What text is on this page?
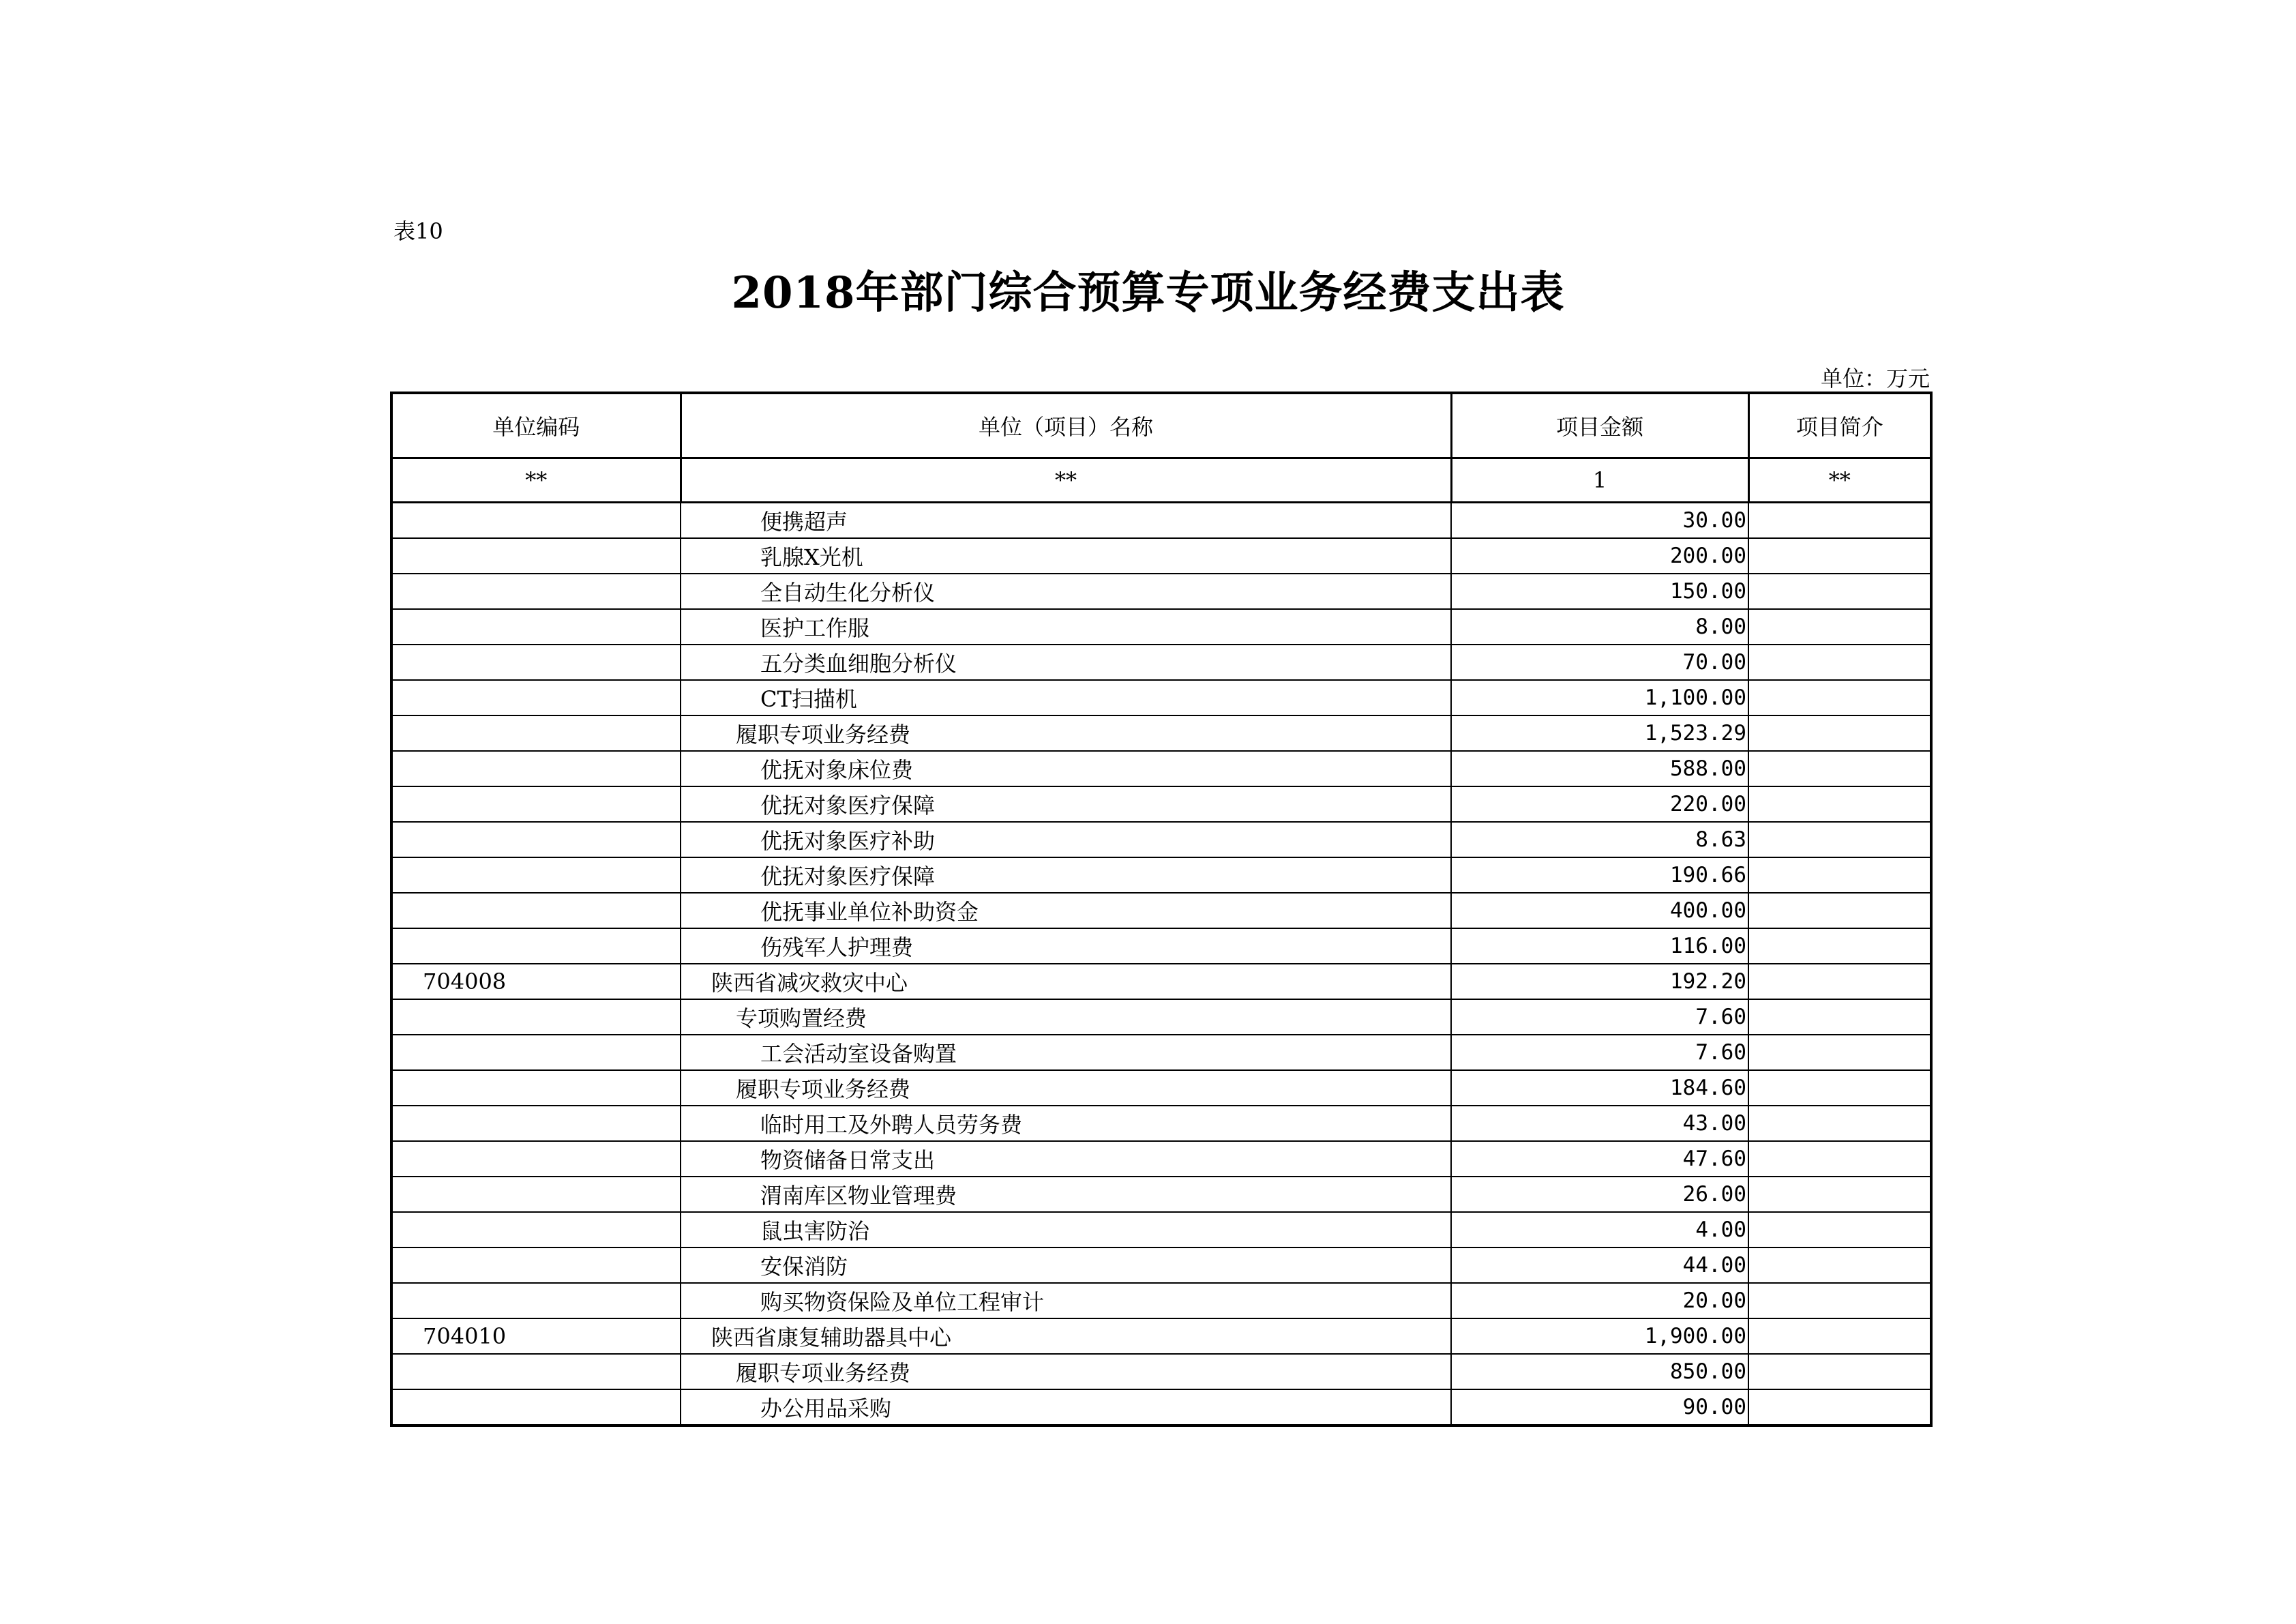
表10
2018年部门综合预算专项业务经费支出表
单位：万元
单位编码	单位（项目）名称	项目金额	项目简介
**	**	1	**
	便携超声	30.00	
	乳腺X光机	200.00	
	全自动生化分析仪	150.00	
	医护工作服	8.00	
	五分类血细胞分析仪	70.00	
	CT扫描机	1,100.00	
	履职专项业务经费	1,523.29	
	优抚对象床位费	588.00	
	优抚对象医疗保障	220.00	
	优抚对象医疗补助	8.63	
	优抚对象医疗保障	190.66	
	优抚事业单位补助资金	400.00	
	伤残军人护理费	116.00	
704008	陕西省减灾救灾中心	192.20	
	专项购置经费	7.60	
	工会活动室设备购置	7.60	
	履职专项业务经费	184.60	
	临时用工及外聘人员劳务费	43.00	
	物资储备日常支出	47.60	
	渭南库区物业管理费	26.00	
	鼠虫害防治	4.00	
	安保消防	44.00	
	购买物资保险及单位工程审计	20.00	
704010	陕西省康复辅助器具中心	1,900.00	
	履职专项业务经费	850.00	
	办公用品采购	90.00	
